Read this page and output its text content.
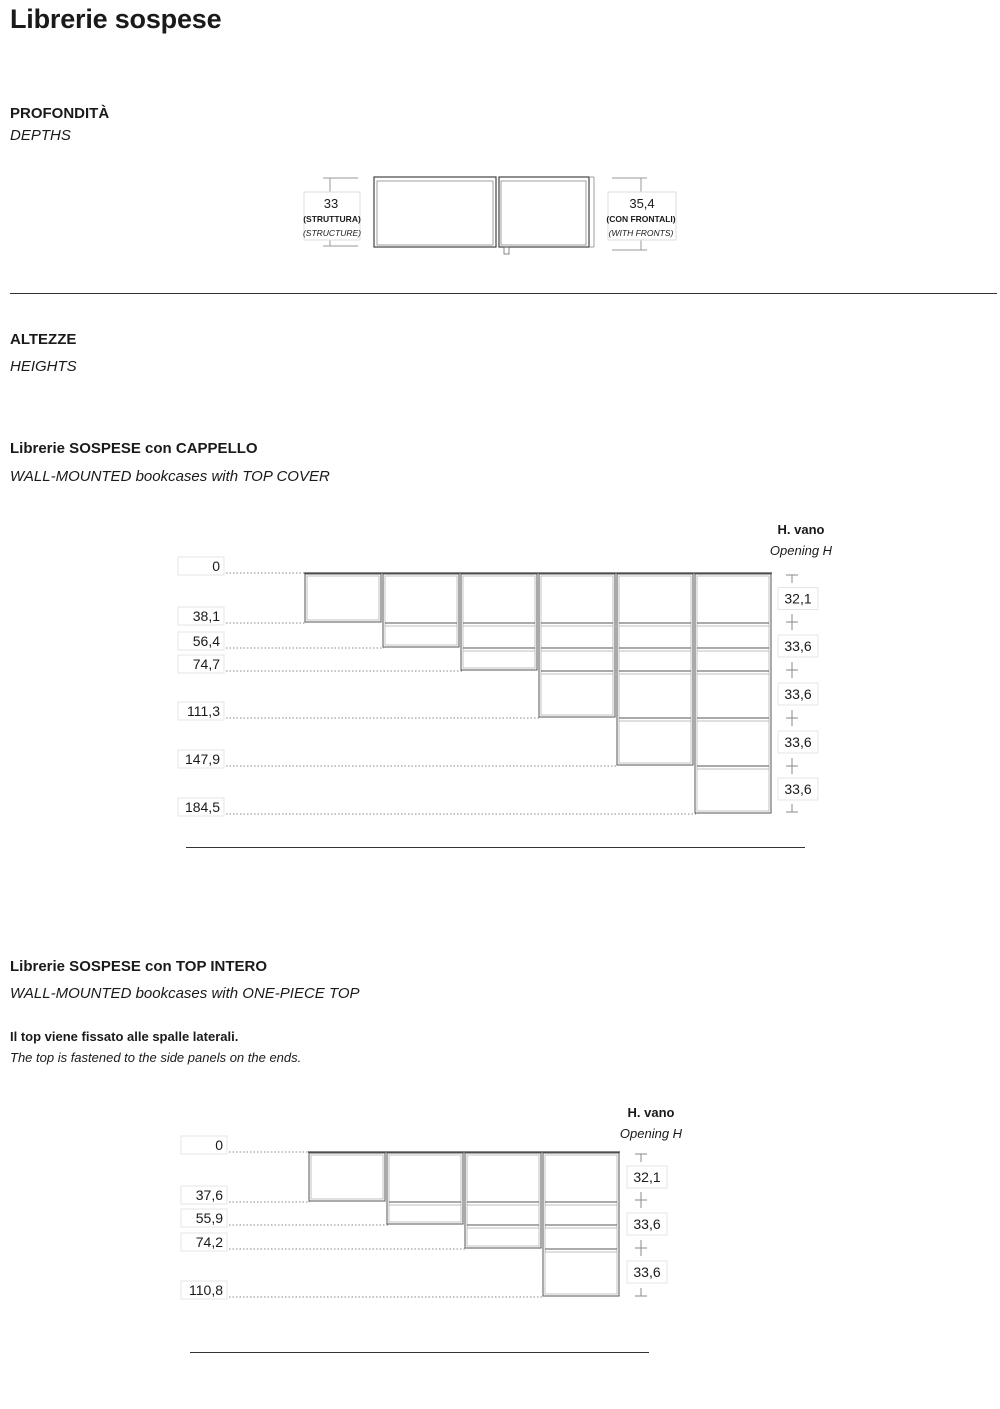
Librerie sospese
PROFONDITÀ
DEPTHS
33
(STRUTTURA)
(STRUCTURE)
35,4
(CON FRONTALI)
(WITH FRONTS)
0
38,1
56,4
74,7
111,3
147,9
184,5
32,1
33,6
33,6
33,6
33,6
0
37,6
55,9
74,2
110,8
32,1
33,6
33,6
ALTEZZE
HEIGHTS
Librerie SOSPESE con CAPPELLO
WALL-MOUNTED bookcases with TOP COVER
H. vano
Opening H
Librerie SOSPESE con TOP INTERO
WALL-MOUNTED bookcases with ONE-PIECE TOP
Il top viene fissato alle spalle laterali.
The top is fastened to the side panels on the ends.
H. vano
Opening H
